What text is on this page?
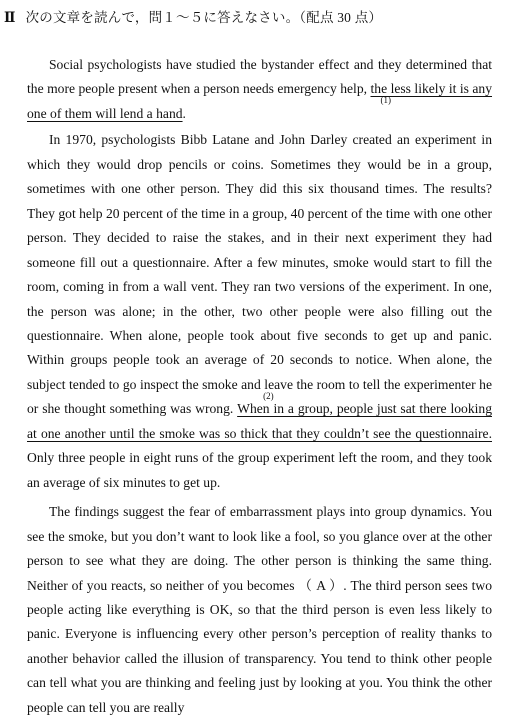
Ⅱ 次の文章を読んで，問１～５に答えなさい。（配点 30 点）

Social psychologists have studied the bystander effect and they determined that the more people present when a person needs emergency help,
(1)
the less likely it is any one of them will lend a hand.

In 1970, psychologists Bibb Latane and John Darley created an experiment in which they would drop pencils or coins. Sometimes they would be in a group, sometimes with one other person. They did this six thousand times. The results? They got help 20 percent of the time in a group, 40 percent of the time with one other person. They decided to raise the stakes, and in their next experiment they had someone fill out a questionnaire. After a few minutes, smoke would start to fill the room, coming in from a wall vent. They ran two versions of the experiment. In one, the person was alone; in the other, two other people were also filling out the questionnaire. When alone, people took about five seconds to get up and panic. Within groups people took an average of 20 seconds to notice. When alone, the subject tended to go inspect the smoke and leave the room to tell the experimenter he or she thought something was wrong.
(2)
When in a group, people just sat there looking at one another until the smoke was so thick that they couldn’t see the questionnaire. Only three people in eight runs of the group experiment left the room, and they took an average of six minutes to get up.

The findings suggest the fear of embarrassment plays into group dynamics. You see the smoke, but you don’t want to look like a fool, so you glance over at the other person to see what they are doing. The other person is thinking the same thing. Neither of you reacts, so neither of you becomes （ A ）. The third person sees two people acting like everything is OK, so that the third person is even less likely to panic. Everyone is influencing every other person’s perception of reality thanks to another behavior called the illusion of transparency. You tend to think other people can tell what you are thinking and feeling just by looking at you. You think the other people can tell you are really
